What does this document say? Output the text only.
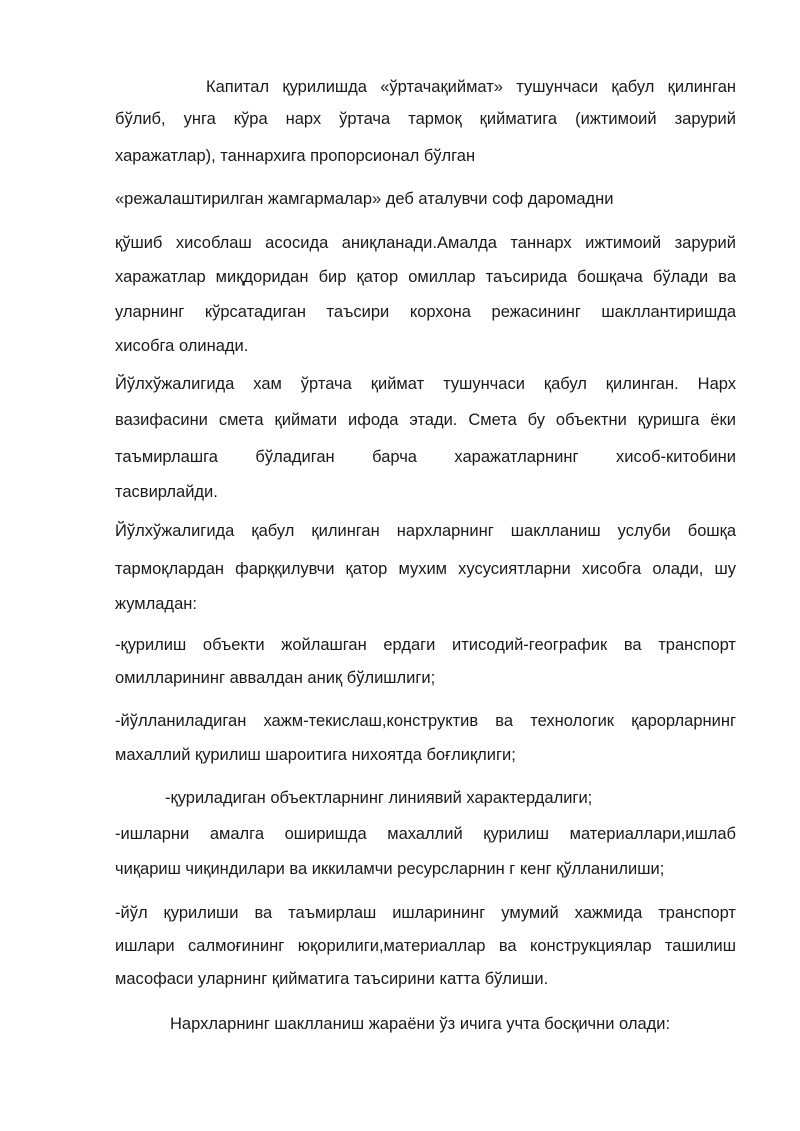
Капитал қурилишда «ўртачақиймат» тушунчаси қабул қилинган
бўлиб, унга кўра нарх ўртача тармоқ қийматига (ижтимоий зарурий
харажатлар), таннархига пропорсионал бўлган
«режалаштирилган жамгармалар» деб аталувчи соф даромадни
қўшиб хисоблаш асосида аниқланади.Амалда таннарх ижтимоий зарурий
харажатлар миқдоридан бир қатор омиллар таъсирида бошқача бўлади ва
уларнинг кўрсатадиган таъсири корхона режасининг шакллантиришда
хисобга олинади.
Йўлхўжалигида хам ўртача қиймат тушунчаси қабул қилинган. Нарх
вазифасини смета қиймати ифода этади. Смета бу объектни қуришга ёки
таъмирлашга бўладиган барча харажатларнинг хисоб-китобини
тасвирлайди.
Йўлхўжалигида қабул қилинган нархларнинг шаклланиш услуби бошқа
тармоқлардан фарққилувчи қатор мухим хусусиятларни хисобга олади, шу
жумладан:
-қурилиш объекти жойлашган ердаги итисодий-географик ва транспорт
омилларининг аввалдан аниқ бўлишлиги;
-йўлланиладиган хажм-текислаш,конструктив ва технологик қарорларнинг
махаллий қурилиш шароитига нихоятда боғлиқлиги;
-қуриладиган объектларнинг линиявий характердалиги;
-ишларни амалга оширишда махаллий қурилиш материаллари,ишлаб
чиқариш чиқиндилари ва иккиламчи ресурсларнин г кенг қўлланилиши;
-йўл қурилиши ва таъмирлаш ишларининг умумий хажмида транспорт
ишлари салмоғининг юқорилиги,материаллар ва конструкциялар ташилиш
масофаси уларнинг қийматига таъсирини катта бўлиши.
Нархларнинг шаклланиш жараёни ўз ичига учта босқични олади:
